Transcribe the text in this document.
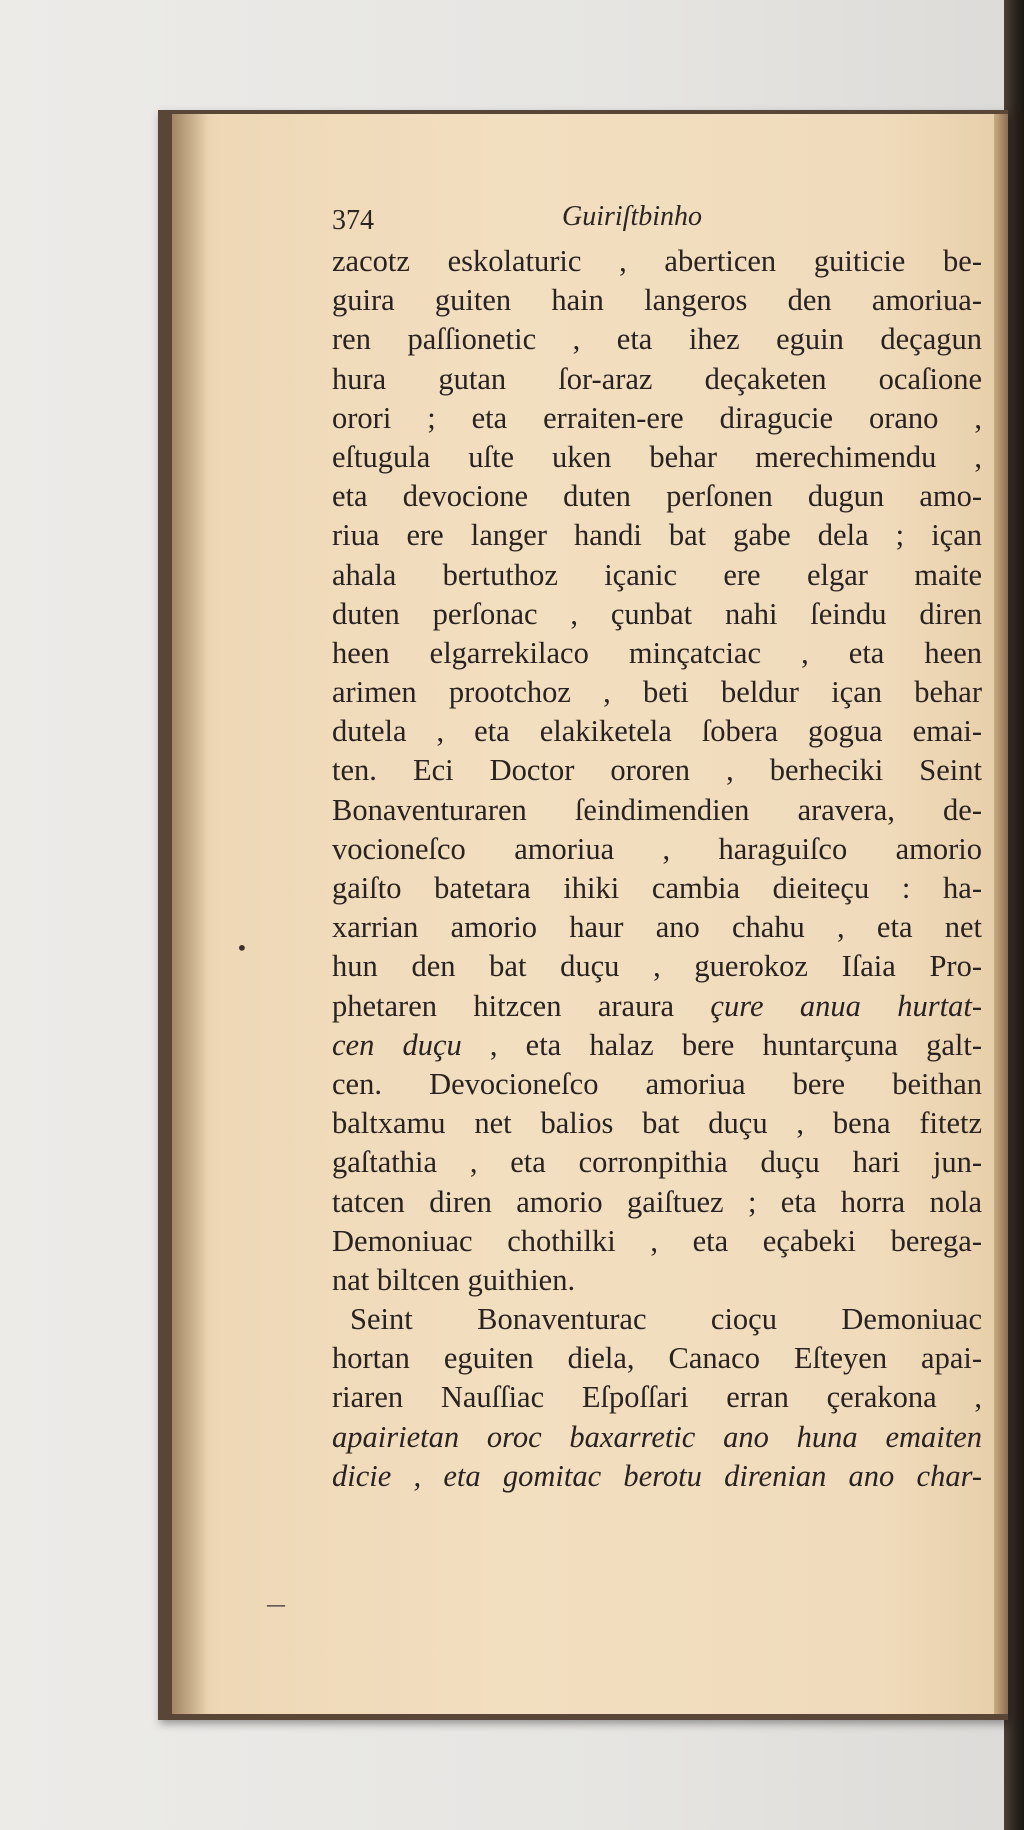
374	Guiriſtbinho
zacotz eskolaturic , aberticen guiticie be-
guira guiten hain langeros den amoriua-
ren paſſionetic , eta ihez eguin deçagun
hura gutan ſor-araz deçaketen ocaſione
orori ; eta erraiten-ere diragucie orano ,
eſtugula uſte uken behar merechimendu ,
eta devocione duten perſonen dugun amo-
riua ere langer handi bat gabe dela ; içan
ahala bertuthoz içanic ere elgar maite
duten perſonac , çunbat nahi ſeindu diren
heen elgarrekilaco minçatciac , eta heen
arimen prootchoz , beti beldur içan behar
dutela , eta elakiketela ſobera gogua emai-
ten. Eci Doctor ororen , berheciki Seint
Bonaventuraren ſeindimendien aravera, de-
vocioneſco amoriua , haraguiſco amorio
gaiſto batetara ihiki cambia dieiteçu : ha-
xarrian amorio haur ano chahu , eta net
hun den bat duçu , guerokoz Iſaia Pro-
phetaren hitzcen araura çure anua hurtat-
cen duçu , eta halaz bere huntarçuna galt-
cen. Devocioneſco amoriua bere beithan
baltxamu net balios bat duçu , bena fitetz
gaſtathia , eta corronpithia duçu hari jun-
tatcen diren amorio gaiſtuez ; eta horra nola
Demoniuac chothilki , eta eçabeki berega-
nat biltcen guithien.
Seint Bonaventurac cioçu Demoniuac
hortan eguiten diela, Canaco Eſteyen apai-
riaren Nauſſiac Eſpoſſari erran çerakona ,
apairietan oroc baxarretic ano huna emaiten
dicie , eta gomitac berotu direnian ano char-
•
—
